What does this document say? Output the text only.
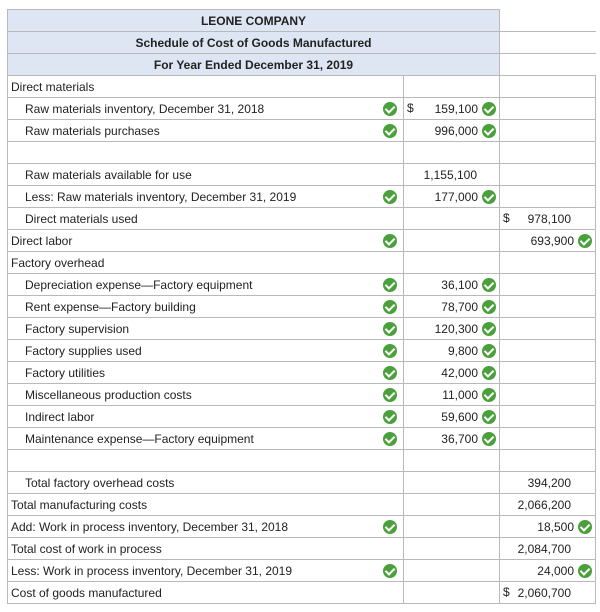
LEONE COMPANY			
Schedule of Cost of Goods Manufactured			
For Year Ended December 31, 2019			
Direct materials			
Raw materials inventory, December 31, 2018		$ 159,100	
Raw materials purchases		996,000	

Raw materials available for use		1,155,100	
Less: Raw materials inventory, December 31, 2019		177,000	
Direct materials used			$ 978,100
Direct labor			693,900
Factory overhead			
Depreciation expense—Factory equipment		36,100	
Rent expense—Factory building		78,700	
Factory supervision		120,300	
Factory supplies used		9,800	
Factory utilities		42,000	
Miscellaneous production costs		11,000	
Indirect labor		59,600	
Maintenance expense—Factory equipment		36,700	

Total factory overhead costs			394,200
Total manufacturing costs			2,066,200
Add: Work in process inventory, December 31, 2018			18,500
Total cost of work in process			2,084,700
Less: Work in process inventory, December 31, 2019			24,000
Cost of goods manufactured			$ 2,060,700
